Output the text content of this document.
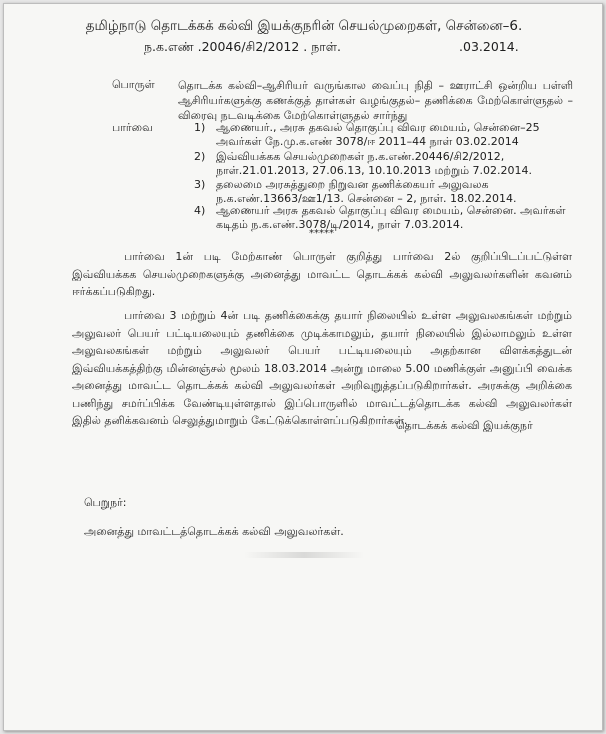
தமிழ்நாடு தொடக்கக் கல்வி இயக்குநரின் செயல்முறைகள், சென்னை–6.
ந.க.எண் .20046/சி2/2012 . நாள்.	.03.2014.
பொருள் தொடக்க கல்வி–ஆசிரியர் வருங்கால வைப்பு நிதி – ஊராட்சி ஒன்றிய பள்ளி ஆசிரியர்களுக்கு கணக்குத் தாள்கள் வழங்குதல்– தணிக்கை மேற்கொள்ளுதல் – விரைவு நடவடிக்கை மேற்கொள்ளுதல் சார்ந்து
பார்வை	1) ஆணையர்., அரசு தகவல் தொகுப்பு விவர மையம், சென்னை–25 அவர்கள் நே.மு.க.எண் 3078/ஈ 2011–44 நாள் 03.02.2014
2) இவ்வியக்கக செயல்முறைகள் ந.க.எண்.20446/சி2/2012, நாள்.21.01.2013, 27.06.13, 10.10.2013 மற்றும் 7.02.2014.
3) தலைமை அரசுத்துறை நிறுவன தணிக்கையர் அலுவலக ந.க.எண்.13663/ஊ1/13. சென்னை – 2, நாள். 18.02.2014.
4) ஆணையர் அரசு தகவல் தொகுப்பு விவர மையம், சென்னை. அவர்கள் கடிதம் ந.க.எண்.3078/டி/2014, நாள் 7.03.2014.
*****
பார்வை 1ன் படி மேற்காண் பொருள் குறித்து பார்வை 2ல் குறிப்பிடப்பட்டுள்ள இவ்வியக்கக செயல்முறைகளுக்கு அனைத்து மாவட்ட தொடக்கக் கல்வி அலுவலர்களின் கவனம் ஈர்க்கப்படுகிறது.
பார்வை 3 மற்றும் 4ன் படி தணிக்கைக்கு தயார் நிலையில் உள்ள அலுவலகங்கள் மற்றும் அலுவலர் பெயர் பட்டியலையும் தணிக்கை முடிக்காமலும், தயார் நிலையில் இல்லாமலும் உள்ள அலுவலகங்கள் மற்றும் அலுவலர் பெயர் பட்டியலையும் அதற்கான விளக்கத்துடன் இவ்வியக்கத்திற்கு மின்னஞ்சல் மூலம் 18.03.2014 அன்று மாலை 5.00 மணிக்குள் அனுப்பி வைக்க அனைத்து மாவட்ட தொடக்கக் கல்வி அலுவலர்கள் அறிவுறுத்தப்படுகிறார்கள். அரசுக்கு அறிக்கை பணிந்து சமர்ப்பிக்க வேண்டியுள்ளதால் இப்பொருளில் மாவட்டத்தொடக்க கல்வி அலுவலர்கள் இதில் தனிக்கவனம் செலுத்துமாறும் கேட்டுக்கொள்ளப்படுகிறார்கள்.
தொடக்கக் கல்வி இயக்குநர்
பெறுநர்:
அனைத்து மாவட்டத்தொடக்கக் கல்வி அலுவலர்கள்.
